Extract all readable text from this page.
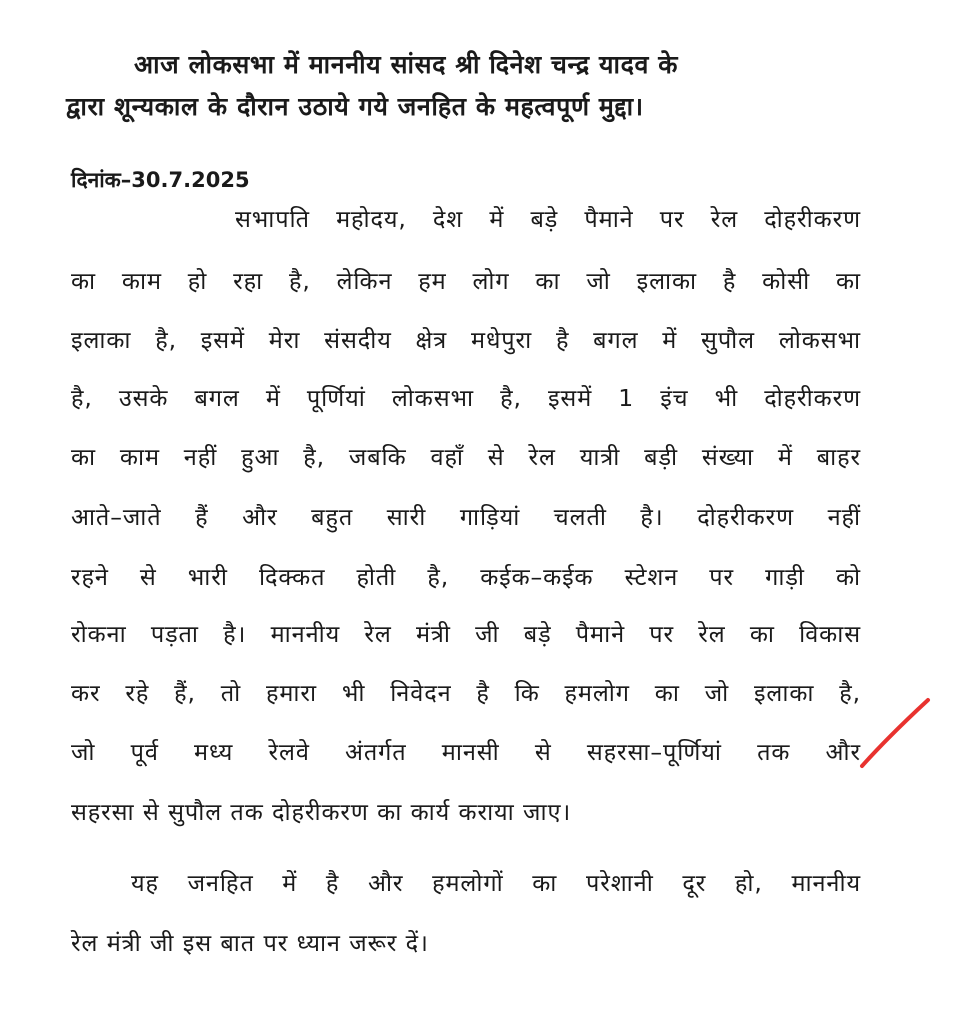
आज लोकसभा में माननीय सांसद श्री दिनेश चन्द्र यादव के
द्वारा शून्यकाल के दौरान उठाये गये जनहित के महत्वपूर्ण मुद्दा।
दिनांक–30.7.2025
सभापति महोदय, देश में बड़े पैमाने पर रेल दोहरीकरण
का काम हो रहा है, लेकिन हम लोग का जो इलाका है कोसी का
इलाका है, इसमें मेरा संसदीय क्षेत्र मधेपुरा है बगल में सुपौल लोकसभा
है, उसके बगल में पूर्णियां लोकसभा है, इसमें 1 इंच भी दोहरीकरण
का काम नहीं हुआ है, जबकि वहाँ से रेल यात्री बड़ी संख्या में बाहर
आते–जाते हैं और बहुत सारी गाड़ियां चलती है। दोहरीकरण नहीं
रहने से भारी दिक्कत होती है, कईक–कईक स्टेशन पर गाड़ी को
रोकना पड़ता है। माननीय रेल मंत्री जी बड़े पैमाने पर रेल का विकास
कर रहे हैं, तो हमारा भी निवेदन है कि हमलोग का जो इलाका है,
जो पूर्व मध्य रेलवे अंतर्गत मानसी से सहरसा–पूर्णियां तक और
सहरसा से सुपौल तक दोहरीकरण का कार्य कराया जाए।
यह जनहित में है और हमलोगों का परेशानी दूर हो, माननीय
रेल मंत्री जी इस बात पर ध्यान जरूर दें।
